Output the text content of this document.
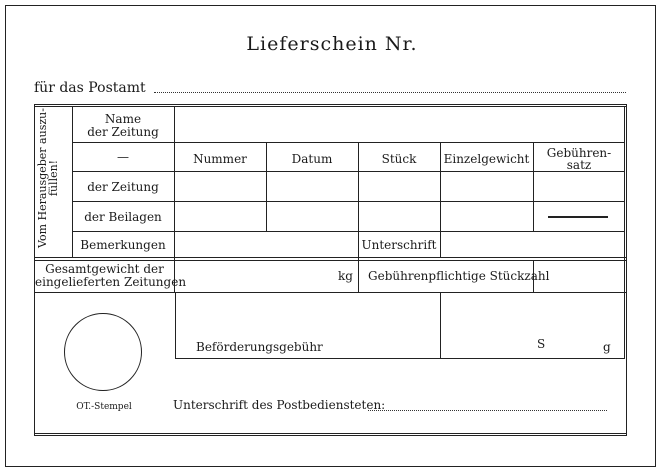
Lieferschein Nr.
für das Postamt
Vom Herausgeber auszu-
füllen!
Name
der Zeitung
—	Nummer	Datum	Stück	Einzelgewicht	Gebühren-
satz
der Zeitung
der Beilagen
Bemerkungen	Unterschrift
Gesamtgewicht der
eingelieferten Zeitungen	kg Gebührenpflichtige Stückzahl
Beförderungsgebühr	S	g
OT.-Stempel	Unterschrift des Postbediensteten:
